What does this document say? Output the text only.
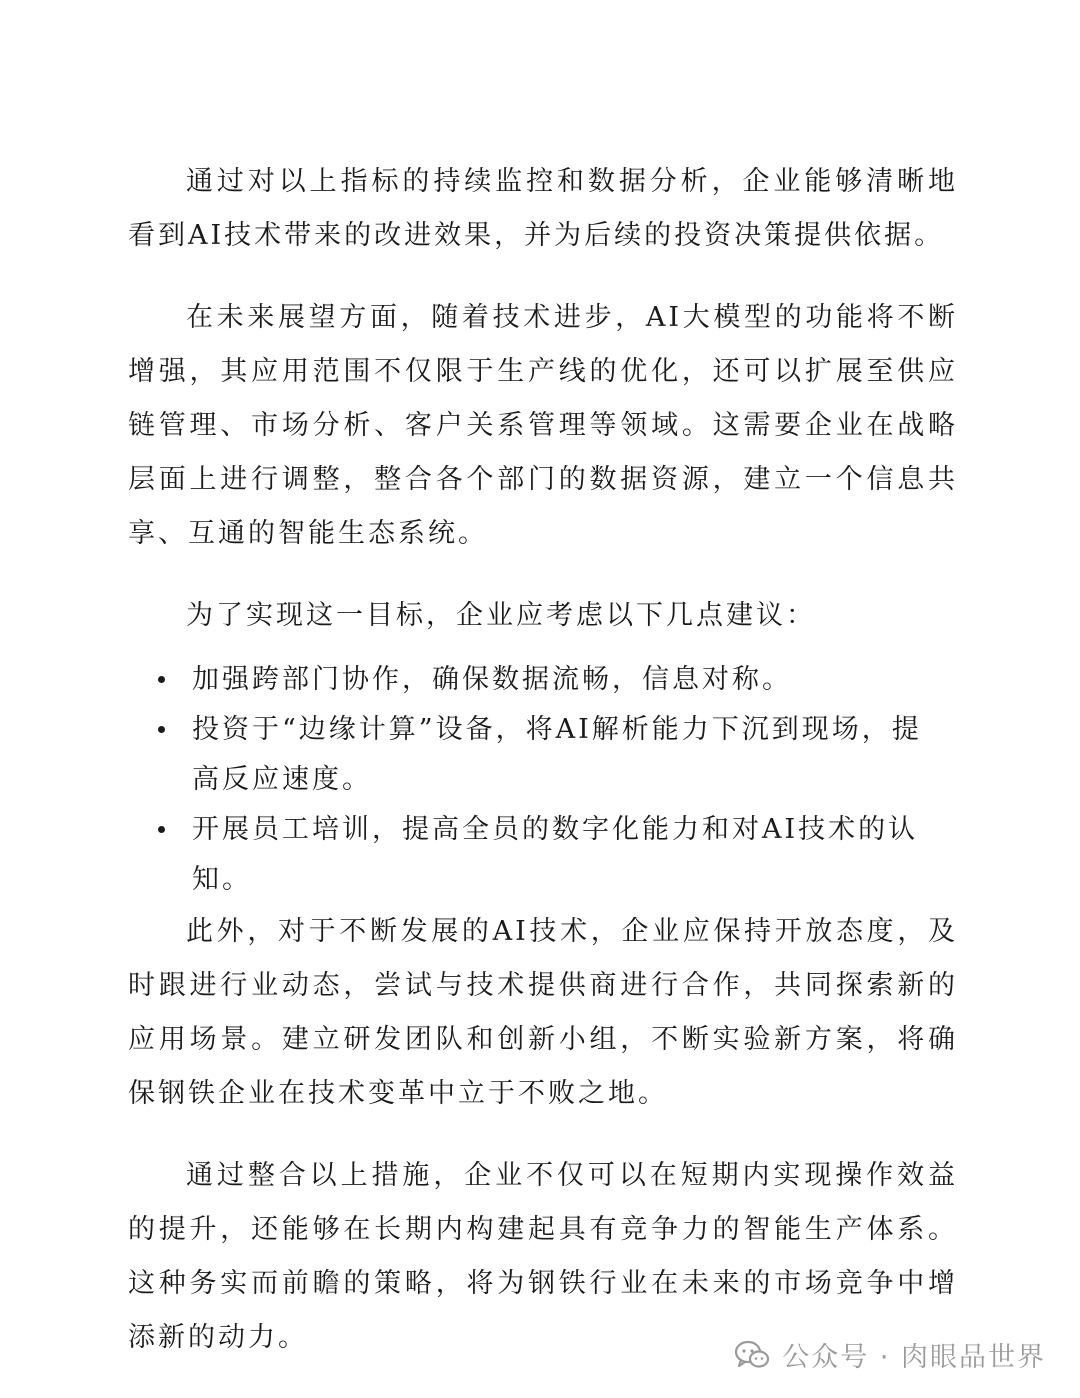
通过对以上指标的持续监控和数据分析，企业能够清晰地看到AI技术带来的改进效果，并为后续的投资决策提供依据。

在未来展望方面，随着技术进步，AI大模型的功能将不断增强，其应用范围不仅限于生产线的优化，还可以扩展至供应链管理、市场分析、客户关系管理等领域。这需要企业在战略层面上进行调整，整合各个部门的数据资源，建立一个信息共享、互通的智能生态系统。

为了实现这一目标，企业应考虑以下几点建议：

加强跨部门协作，确保数据流畅，信息对称。
投资于“边缘计算”设备，将AI解析能力下沉到现场，提高反应速度。
开展员工培训，提高全员的数字化能力和对AI技术的认知。

此外，对于不断发展的AI技术，企业应保持开放态度，及时跟进行业动态，尝试与技术提供商进行合作，共同探索新的应用场景。建立研发团队和创新小组，不断实验新方案，将确保钢铁企业在技术变革中立于不败之地。

通过整合以上措施，企业不仅可以在短期内实现操作效益的提升，还能够在长期内构建起具有竞争力的智能生产体系。这种务实而前瞻的策略，将为钢铁行业在未来的市场竞争中增添新的动力。

公众号 · 肉眼品世界
